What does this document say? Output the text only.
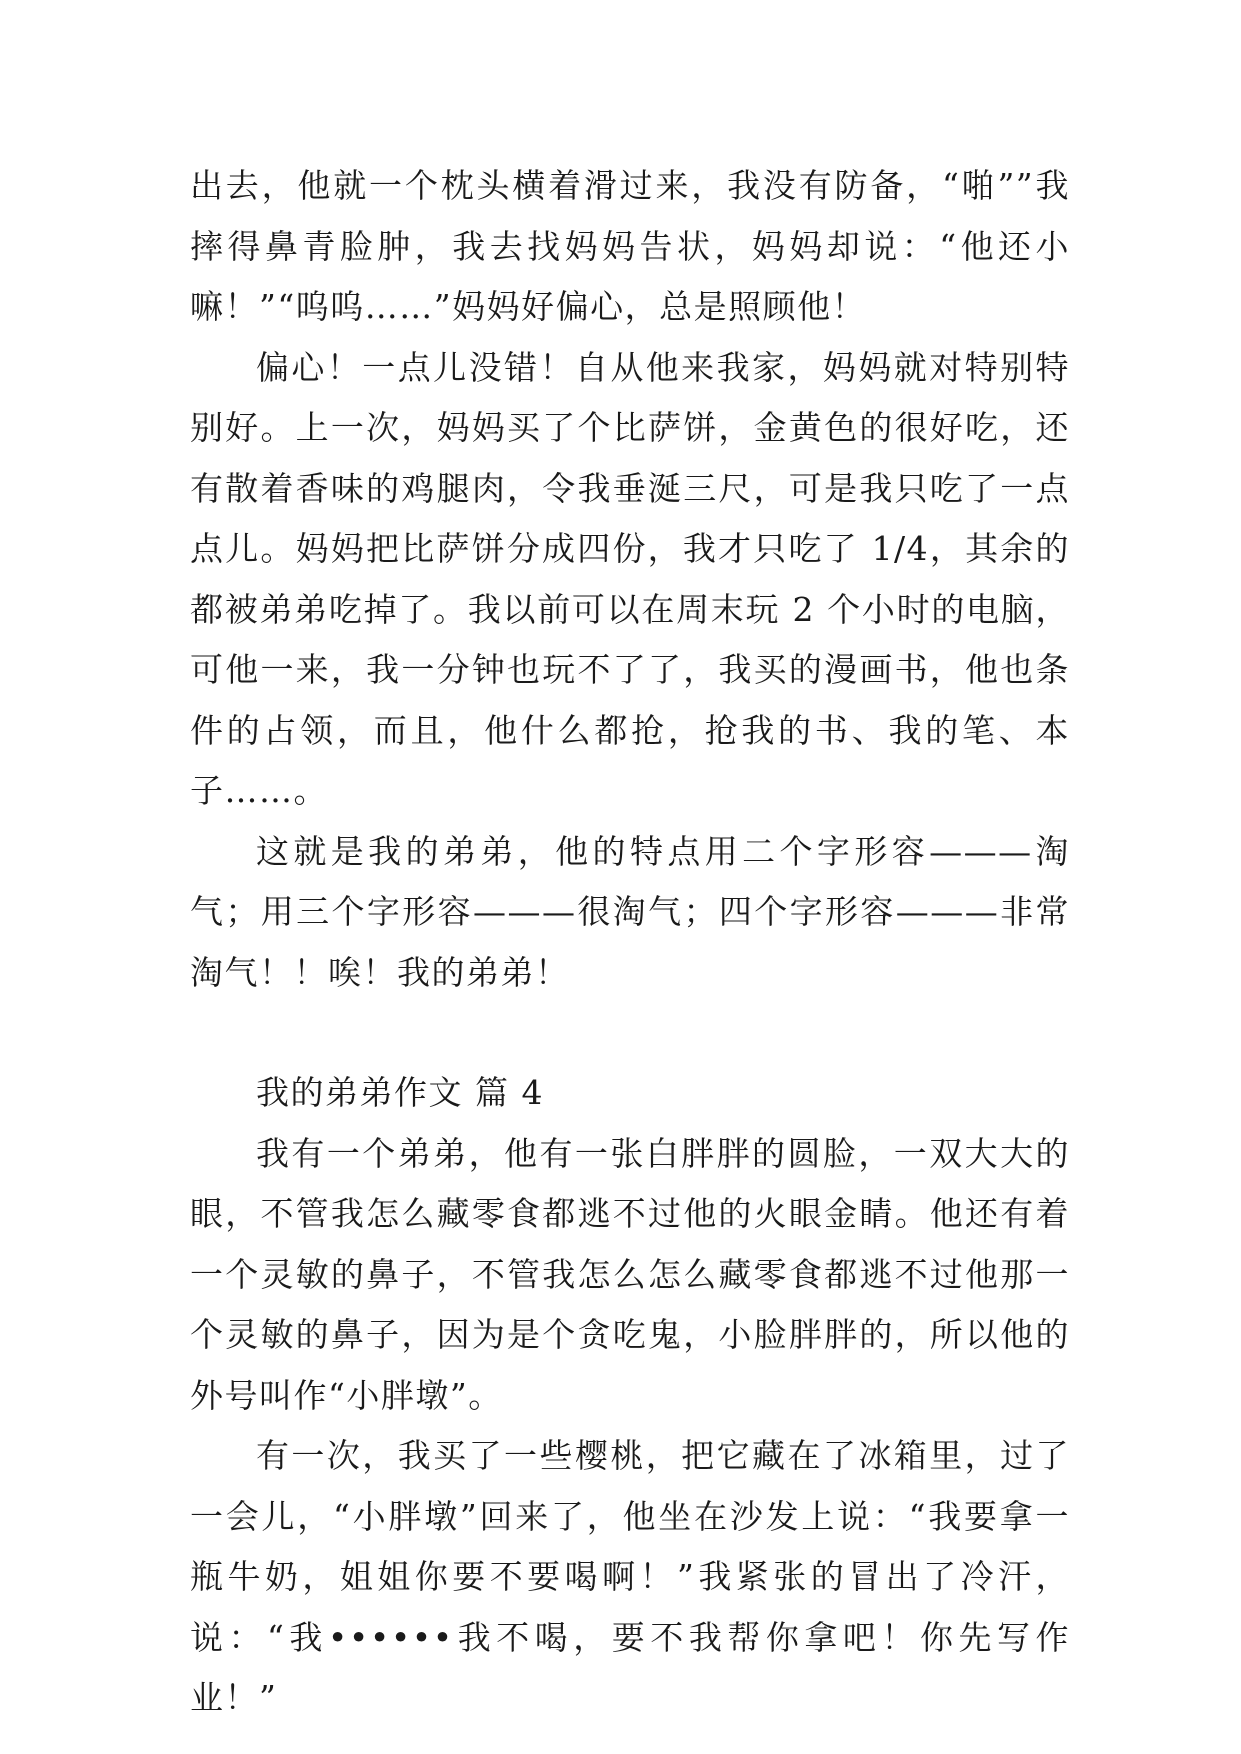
出去，他就一个枕头横着滑过来，我没有防备，“啪””我摔得鼻青脸肿，我去找妈妈告状，妈妈却说：“他还小嘛！”“呜呜……”妈妈好偏心，总是照顾他！

偏心！一点儿没错！自从他来我家，妈妈就对特别特别好。上一次，妈妈买了个比萨饼，金黄色的很好吃，还有散着香味的鸡腿肉，令我垂涎三尺，可是我只吃了一点点儿。妈妈把比萨饼分成四份，我才只吃了 1/4，其余的都被弟弟吃掉了。我以前可以在周末玩 2 个小时的电脑，可他一来，我一分钟也玩不了了，我买的漫画书，他也条件的占领，而且，他什么都抢，抢我的书、我的笔、本子……。

这就是我的弟弟，他的特点用二个字形容———淘气；用三个字形容———很淘气；四个字形容———非常淘气！！唉！我的弟弟！

我的弟弟作文 篇 4

我有一个弟弟，他有一张白胖胖的圆脸，一双大大的眼，不管我怎么藏零食都逃不过他的火眼金睛。他还有着一个灵敏的鼻子，不管我怎么怎么藏零食都逃不过他那一个灵敏的鼻子，因为是个贪吃鬼，小脸胖胖的，所以他的外号叫作“小胖墩”。

有一次，我买了一些樱桃，把它藏在了冰箱里，过了一会儿，“小胖墩”回来了，他坐在沙发上说：“我要拿一瓶牛奶，姐姐你要不要喝啊！”我紧张的冒出了冷汗，说：“我••••••我不喝，要不我帮你拿吧！你先写作业！”
